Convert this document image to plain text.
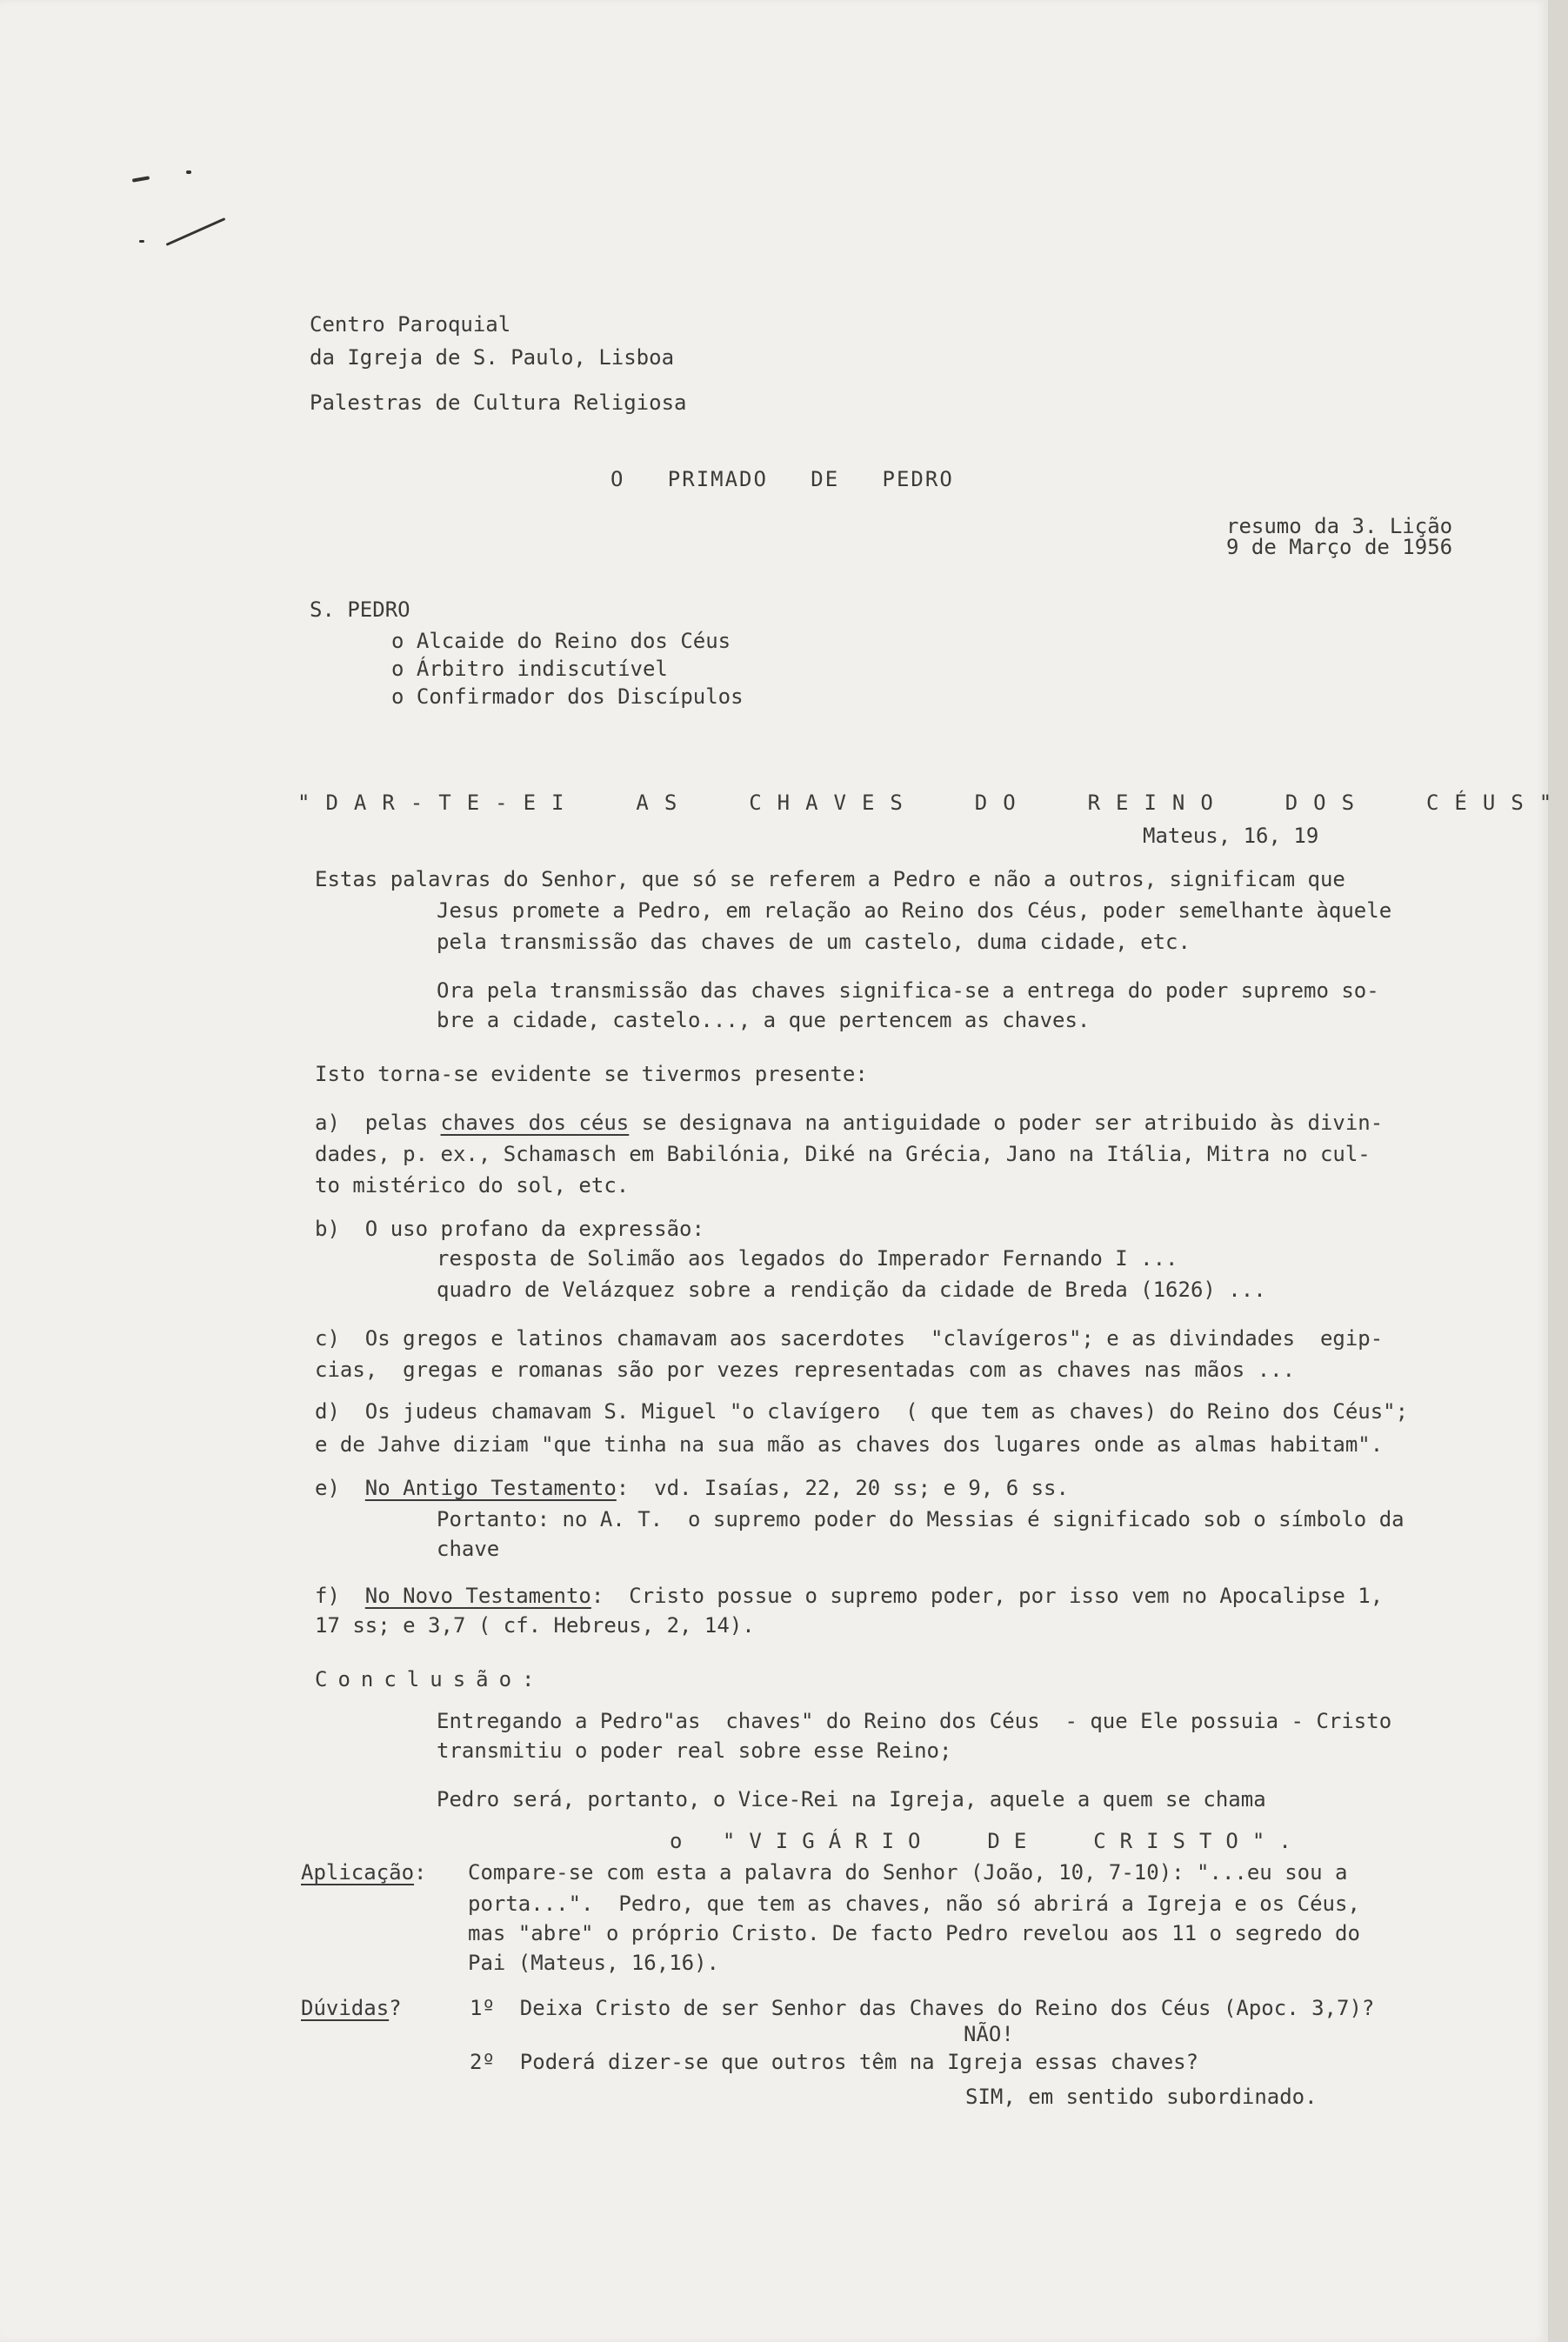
Centro Paroquial

da Igreja de S. Paulo, Lisboa

Palestras de Cultura Religiosa

O   PRIMADO   DE   PEDRO

resumo da 3. Lição

9 de Março de 1956

S. PEDRO

o Alcaide do Reino dos Céus

o Árbitro indiscutível

o Confirmador dos Discípulos

"DAR-TE-EI  AS  CHAVES  DO  REINO  DOS  CÉUS"

Mateus, 16, 19

Estas palavras do Senhor, que só se referem a Pedro e não a outros, significam que

Jesus promete a Pedro, em relação ao Reino dos Céus, poder semelhante àquele

pela transmissão das chaves de um castelo, duma cidade, etc.

Ora pela transmissão das chaves significa-se a entrega do poder supremo so-

bre a cidade, castelo..., a que pertencem as chaves.

Isto torna-se evidente se tivermos presente:

a)  pelas chaves dos céus se designava na antiguidade o poder ser atribuido às divin-

dades, p. ex., Schamasch em Babilónia, Diké na Grécia, Jano na Itália, Mitra no cul-

to mistérico do sol, etc.

b)  O uso profano da expressão:

resposta de Solimão aos legados do Imperador Fernando I ...

quadro de Velázquez sobre a rendição da cidade de Breda (1626) ...

c)  Os gregos e latinos chamavam aos sacerdotes  "clavígeros"; e as divindades  egip-

cias,  gregas e romanas são por vezes representadas com as chaves nas mãos ...

d)  Os judeus chamavam S. Miguel "o clavígero  ( que tem as chaves) do Reino dos Céus";

e de Jahve diziam "que tinha na sua mão as chaves dos lugares onde as almas habitam".

e)  No Antigo Testamento:  vd. Isaías, 22, 20 ss; e 9, 6 ss.

Portanto: no A. T.  o supremo poder do Messias é significado sob o símbolo da

chave

f)  No Novo Testamento:  Cristo possue o supremo poder, por isso vem no Apocalipse 1,

17 ss; e 3,7 ( cf. Hebreus, 2, 14).

Conclusão:

Entregando a Pedro"as  chaves" do Reino dos Céus  - que Ele possuia - Cristo

transmitiu o poder real sobre esse Reino;

Pedro será, portanto, o Vice-Rei na Igreja, aquele a quem se chama

o "VIGÁRIO  DE  CRISTO".

Aplicação:

Compare-se com esta a palavra do Senhor (João, 10, 7-10): "...eu sou a

porta...".  Pedro, que tem as chaves, não só abrirá a Igreja e os Céus,

mas "abre" o próprio Cristo. De facto Pedro revelou aos 11 o segredo do

Pai (Mateus, 16,16).

Dúvidas?

	1º  Deixa Cristo de ser Senhor das Chaves do Reino dos Céus (Apoc. 3,7)?

NÃO!

2º  Poderá dizer-se que outros têm na Igreja essas chaves?

SIM, em sentido subordinado.
